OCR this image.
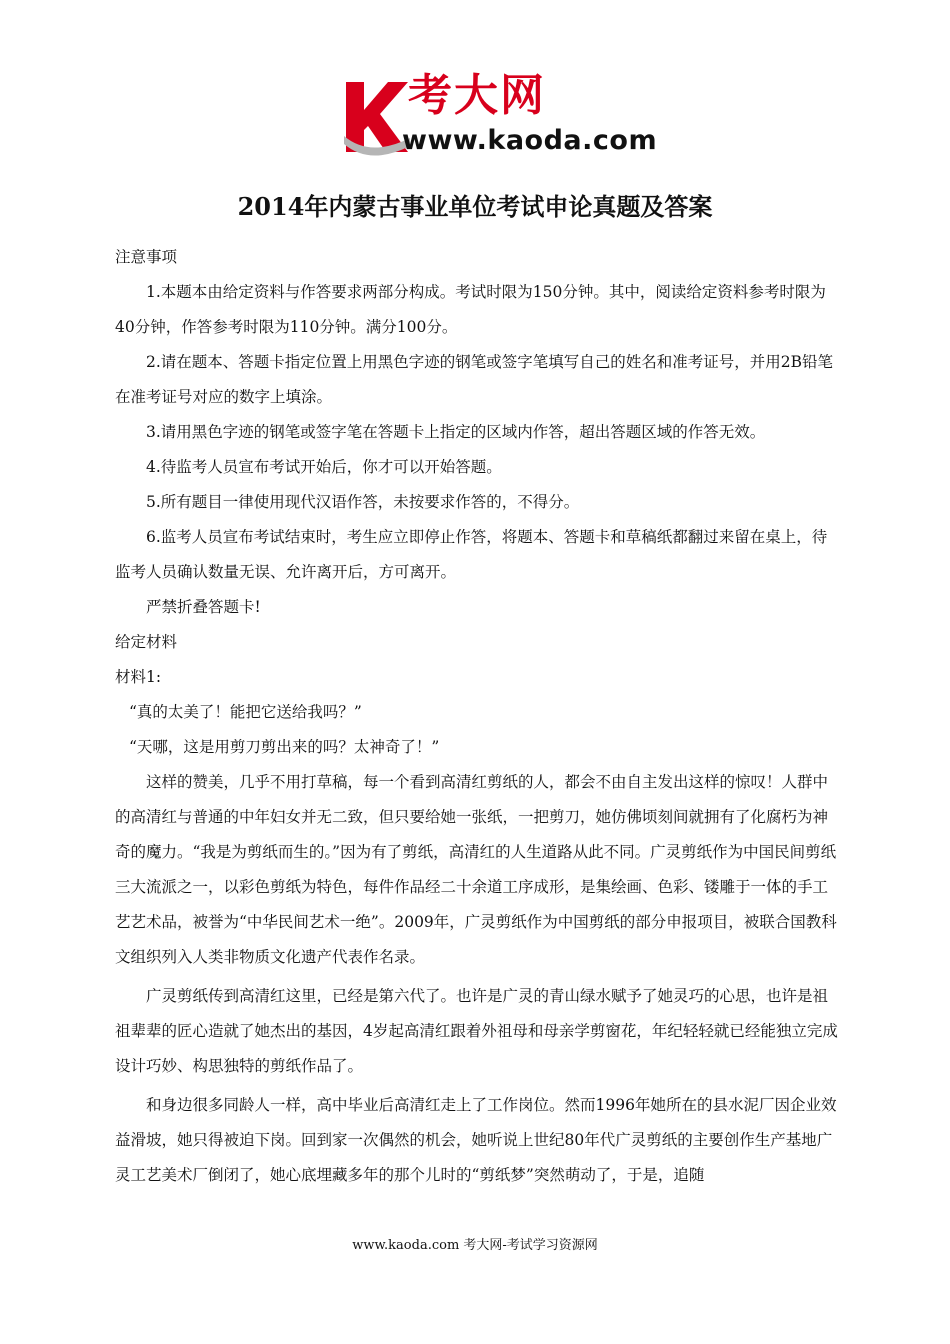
考大网
www.kaoda.com
2014年内蒙古事业单位考试申论真题及答案

注意事项

1.本题本由给定资料与作答要求两部分构成。考试时限为150分钟。其中，阅读给定资料参考时限为40分钟，作答参考时限为110分钟。满分100分。

2.请在题本、答题卡指定位置上用黑色字迹的钢笔或签字笔填写自己的姓名和准考证号，并用2B铅笔在准考证号对应的数字上填涂。

3.请用黑色字迹的钢笔或签字笔在答题卡上指定的区域内作答，超出答题区域的作答无效。

4.待监考人员宣布考试开始后，你才可以开始答题。

5.所有题目一律使用现代汉语作答，未按要求作答的，不得分。

6.监考人员宣布考试结束时，考生应立即停止作答，将题本、答题卡和草稿纸都翻过来留在桌上，待监考人员确认数量无误、允许离开后，方可离开。

严禁折叠答题卡!

给定材料

材料1:

“真的太美了！能把它送给我吗？”

“天哪，这是用剪刀剪出来的吗？太神奇了！”

这样的赞美，几乎不用打草稿，每一个看到高清红剪纸的人，都会不由自主发出这样的惊叹！人群中的高清红与普通的中年妇女并无二致，但只要给她一张纸，一把剪刀，她仿佛顷刻间就拥有了化腐朽为神奇的魔力。“我是为剪纸而生的。”因为有了剪纸，高清红的人生道路从此不同。广灵剪纸作为中国民间剪纸三大流派之一，以彩色剪纸为特色，每件作品经二十余道工序成形，是集绘画、色彩、镂雕于一体的手工艺艺术品，被誉为“中华民间艺术一绝”。2009年，广灵剪纸作为中国剪纸的部分申报项目，被联合国教科文组织列入人类非物质文化遗产代表作名录。

广灵剪纸传到高清红这里，已经是第六代了。也许是广灵的青山绿水赋予了她灵巧的心思，也许是祖祖辈辈的匠心造就了她杰出的基因，4岁起高清红跟着外祖母和母亲学剪窗花，年纪轻轻就已经能独立完成设计巧妙、构思独特的剪纸作品了。

和身边很多同龄人一样，高中毕业后高清红走上了工作岗位。然而1996年她所在的县水泥厂因企业效益滑坡，她只得被迫下岗。回到家一次偶然的机会，她听说上世纪80年代广灵剪纸的主要创作生产基地广灵工艺美术厂倒闭了，她心底埋藏多年的那个儿时的“剪纸梦”突然萌动了，于是，追随

www.kaoda.com 考大网-考试学习资源网
